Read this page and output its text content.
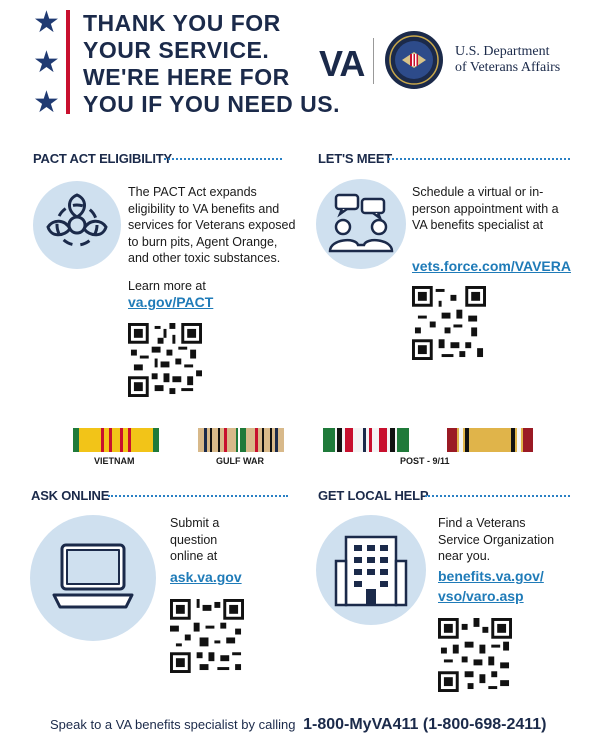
★
★
★
THANK YOU FOR
YOUR SERVICE.
WE'RE HERE FOR
YOU IF YOU NEED US.
VA	U.S. Department
of Veterans Affairs
PACT ACT ELIGIBILITY
The PACT Act expands eligibility to VA benefits and services for Veterans exposed to burn pits, Agent Orange, and other toxic substances.
Learn more at
va.gov/PACT
LET'S MEET
Schedule a virtual or in-person appointment with a VA benefits specialist at
vets.force.com/VAVERA
VIETNAM	GULF WAR	POST - 9/11
ASK ONLINE
Submit a question online at
ask.va.gov
GET LOCAL HELP
Find a Veterans Service Organization near you.
benefits.va.gov/
vso/varo.asp
Speak to a VA benefits specialist by calling 1-800-MyVA411 (1-800-698-2411)
